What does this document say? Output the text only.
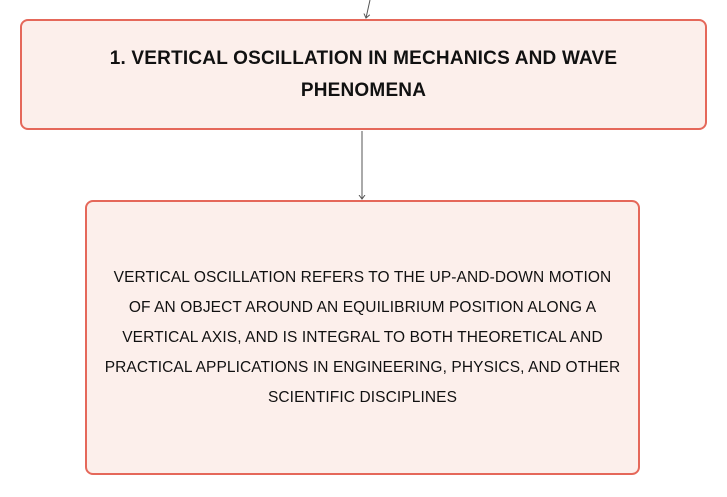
1. VERTICAL OSCILLATION IN MECHANICS AND WAVE PHENOMENA
VERTICAL OSCILLATION REFERS TO THE UP-AND-DOWN MOTION OF AN OBJECT AROUND AN EQUILIBRIUM POSITION ALONG A VERTICAL AXIS, AND IS INTEGRAL TO BOTH THEORETICAL AND PRACTICAL APPLICATIONS IN ENGINEERING, PHYSICS, AND OTHER SCIENTIFIC DISCIPLINES
